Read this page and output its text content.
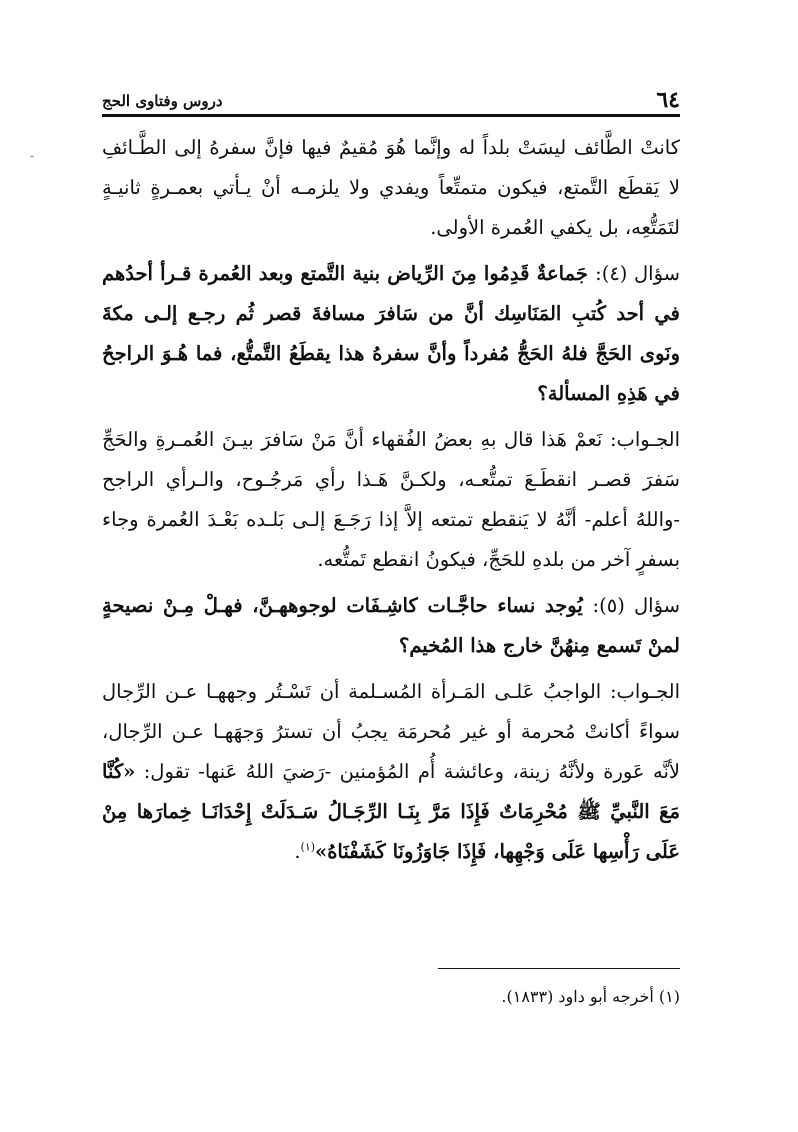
٦٤
دروس وفتاوى الحج

كانتْ الطَّائف ليسَتْ بلداً له وإنَّما هُوَ مُقيمٌ فيها فإنَّ سفرهُ إلى الطَّـائفِ لا يَقطَع التَّمتع، فيكون متمتِّعاً ويفدي ولا يلزمـه أنْ يـأتي بعمـرةٍ ثانيـةٍ لتَمَتُّعِه، بل يكفي العُمرة الأولى.

سؤال (٤): جَماعةٌ قَدِمُوا مِنَ الرِّياض بنية التَّمتع وبعد العُمرة قـرأ أحدُهم في أحد كُتبِ المَنَاسِك أنَّ من سَافرَ مسافةَ قصر ثُم رجـع إلـى مكةَ ونَوى الحَجَّ فلهُ الحَجُّ مُفرداً وأنَّ سفرهُ هذا يقطَعُ التَّمتُّع، فما هُـوَ الراجحُ في هَذِهِ المسألة؟

الجـواب: نَعمْ هَذا قال بهِ بعضُ الفُقهاء أنَّ مَنْ سَافرَ بيـنَ العُمـرةِ والحَجِّ سَفرَ قصـر انقطَـعَ تمتُّعـه، ولكـنَّ هَـذا رأي مَرجُـوح، والـرأي الراجح -واللهُ أعلم- أنَّهُ لا يَنقطع تمتعه إلاَّ إذا رَجَـعَ إلـى بَلـده بَعْـدَ العُمرة وجاء بسفرٍ آخر من بلدهِ للحَجِّ، فيكونُ انقطع تَمتُّعه.

سؤال (٥): يُوجد نساء حاجَّـات كاشِـفَات لوجوههـنَّ، فهـلْ مِـنْ نصيحةٍ لمنْ تَسمع مِنهُنَّ خارج هذا المُخيم؟

الجـواب: الواجبُ عَلـى المَـرأة المُسـلمة أن تَسْـتُر وجههـا عـن الرِّجال سواءً أكانتْ مُحرمة أو غير مُحرمَة يجبُ أن تسترُ وَجهَهـا عـن الرِّجال، لأنَّه عَورة ولأنَّهُ زينة، وعائشة أُم المُؤمنين -رَضيَ اللهُ عَنها- تقول: «كُنَّا مَعَ النَّبيِّ ﷺ مُحْرِمَاتٌ فَإِذَا مَرَّ بِنَـا الرِّجَـالُ سَـدَلَتْ إِحْدَانَـا خِمارَها مِنْ عَلَى رَأْسِها عَلَى وَجْهِها، فَإِذَا جَاوَزُونَا كَشَفْنَاهُ»$^{(١)}$.

(١) أخرجه أبو داود (١٨٣٣).
